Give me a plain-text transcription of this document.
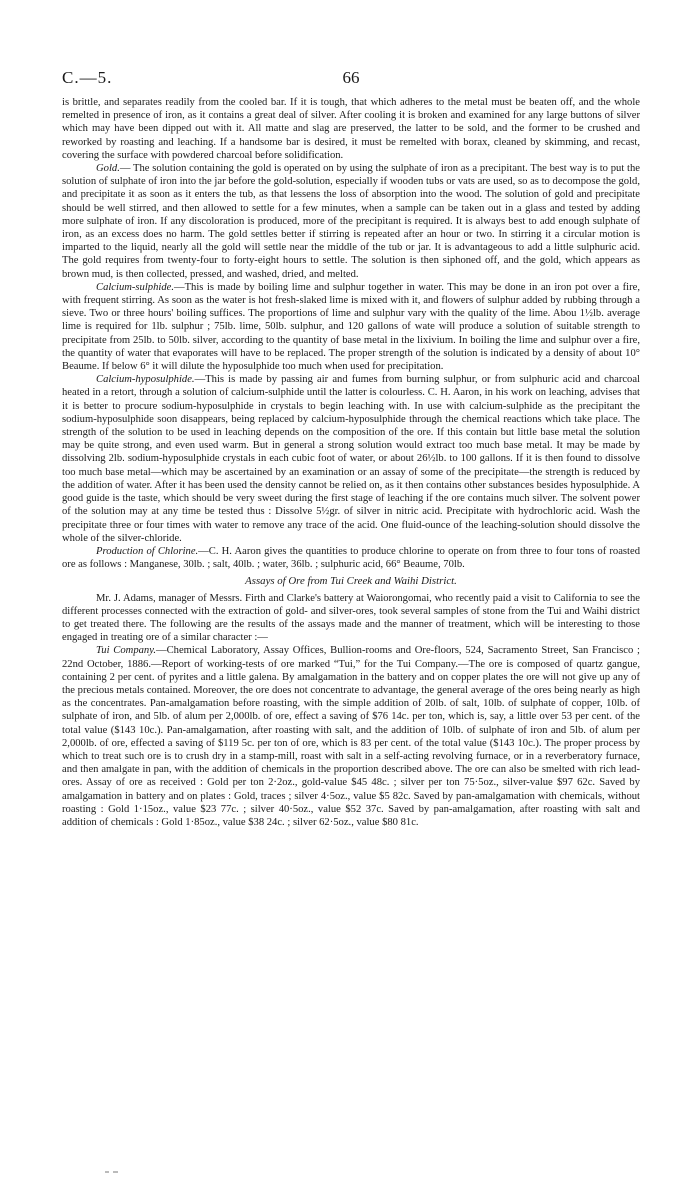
C.—5.	66

is brittle, and separates readily from the cooled bar. If it is tough, that which adheres to the metal must be beaten off, and the whole remelted in presence of iron, as it contains a great deal of silver. After cooling it is broken and examined for any large buttons of silver which may have been dipped out with it. All matte and slag are preserved, the latter to be sold, and the former to be crushed and reworked by roasting and leaching. If a handsome bar is desired, it must be remelted with borax, cleaned by skimming, and recast, covering the surface with powdered charcoal before solidification.

Gold.— The solution containing the gold is operated on by using the sulphate of iron as a precipitant. The best way is to put the solution of sulphate of iron into the jar before the gold-solution, especially if wooden tubs or vats are used, so as to decompose the gold, and precipitate it as soon as it enters the tub, as that lessens the loss of absorption into the wood. The solution of gold and precipitate should be well stirred, and then allowed to settle for a few minutes, when a sample can be taken out in a glass and tested by adding more sulphate of iron. If any discoloration is produced, more of the precipitant is required. It is always best to add enough sulphate of iron, as an excess does no harm. The gold settles better if stirring is repeated after an hour or two. In stirring it a circular motion is imparted to the liquid, nearly all the gold will settle near the middle of the tub or jar. It is advantageous to add a little sulphuric acid. The gold requires from twenty-four to forty-eight hours to settle. The solution is then siphoned off, and the gold, which appears as brown mud, is then collected, pressed, and washed, dried, and melted.

Calcium-sulphide.—This is made by boiling lime and sulphur together in water. This may be done in an iron pot over a fire, with frequent stirring. As soon as the water is hot fresh-slaked lime is mixed with it, and flowers of sulphur added by rubbing through a sieve. Two or three hours' boiling suffices. The proportions of lime and sulphur vary with the quality of the lime. Abou 1½lb. average lime is required for 1lb. sulphur ; 75lb. lime, 50lb. sulphur, and 120 gallons of wate will produce a solution of suitable strength to precipitate from 25lb. to 50lb. silver, according to the quantity of base metal in the lixivium. In boiling the lime and sulphur over a fire, the quantity of water that evaporates will have to be replaced. The proper strength of the solution is indicated by a density of about 10° Beaume. If below 6° it will dilute the hyposulphide too much when used for precipitation.

Calcium-hyposulphide.—This is made by passing air and fumes from burning sulphur, or from sulphuric acid and charcoal heated in a retort, through a solution of calcium-sulphide until the latter is colourless. C. H. Aaron, in his work on leaching, advises that it is better to procure sodium-hyposulphide in crystals to begin leaching with. In use with calcium-sulphide as the precipitant the sodium-hyposulphide soon disappears, being replaced by calcium-hyposulphide through the chemical reactions which take place. The strength of the solution to be used in leaching depends on the composition of the ore. If this contain but little base metal the solution may be quite strong, and even used warm. But in general a strong solution would extract too much base metal. It may be made by dissolving 2lb. sodium-hyposulphide crystals in each cubic foot of water, or about 26½lb. to 100 gallons. If it is then found to dissolve too much base metal—which may be ascertained by an examination or an assay of some of the precipitate—the strength is reduced by the addition of water. After it has been used the density cannot be relied on, as it then contains other substances besides hyposulphide. A good guide is the taste, which should be very sweet during the first stage of leaching if the ore contains much silver. The solvent power of the solution may at any time be tested thus : Dissolve 5½gr. of silver in nitric acid. Precipitate with hydrochloric acid. Wash the precipitate three or four times with water to remove any trace of the acid. One fluid-ounce of the leaching-solution should dissolve the whole of the silver-chloride.

Production of Chlorine.—C. H. Aaron gives the quantities to produce chlorine to operate on from three to four tons of roasted ore as follows : Manganese, 30lb. ; salt, 40lb. ; water, 36lb. ; sulphuric acid, 66° Beaume, 70lb.

Assays of Ore from Tui Creek and Waihi District.

Mr. J. Adams, manager of Messrs. Firth and Clarke's battery at Waiorongomai, who recently paid a visit to California to see the different processes connected with the extraction of gold- and silver-ores, took several samples of stone from the Tui and Waihi district to get treated there. The following are the results of the assays made and the manner of treatment, which will be interesting to those engaged in treating ore of a similar character :—

Tui Company.—Chemical Laboratory, Assay Offices, Bullion-rooms and Ore-floors, 524, Sacramento Street, San Francisco ; 22nd October, 1886.—Report of working-tests of ore marked “Tui,” for the Tui Company.—The ore is composed of quartz gangue, containing 2 per cent. of pyrites and a little galena. By amalgamation in the battery and on copper plates the ore will not give up any of the precious metals contained. Moreover, the ore does not concentrate to advantage, the general average of the ores being nearly as high as the concentrates. Pan-amalgamation before roasting, with the simple addition of 20lb. of salt, 10lb. of sulphate of copper, 10lb. of sulphate of iron, and 5lb. of alum per 2,000lb. of ore, effect a saving of $76 14c. per ton, which is, say, a little over 53 per cent. of the total value ($143 10c.). Pan-amalgamation, after roasting with salt, and the addition of 10lb. of sulphate of iron and 5lb. of alum per 2,000lb. of ore, effected a saving of $119 5c. per ton of ore, which is 83 per cent. of the total value ($143 10c.). The proper process by which to treat such ore is to crush dry in a stamp-mill, roast with salt in a self-acting revolving furnace, or in a reverberatory furnace, and then amalgate in pan, with the addition of chemicals in the proportion described above. The ore can also be smelted with rich lead-ores. Assay of ore as received : Gold per ton 2·2oz., gold-value $45 48c. ; silver per ton 75·5oz., silver-value $97 62c. Saved by amalgamation in battery and on plates : Gold, traces ; silver 4·5oz., value $5 82c. Saved by pan-amalgamation with chemicals, without roasting : Gold 1·15oz., value $23 77c. ; silver 40·5oz., value $52 37c. Saved by pan-amalgamation, after roasting with salt and addition of chemicals : Gold 1·85oz., value $38 24c. ; silver 62·5oz., value $80 81c.
